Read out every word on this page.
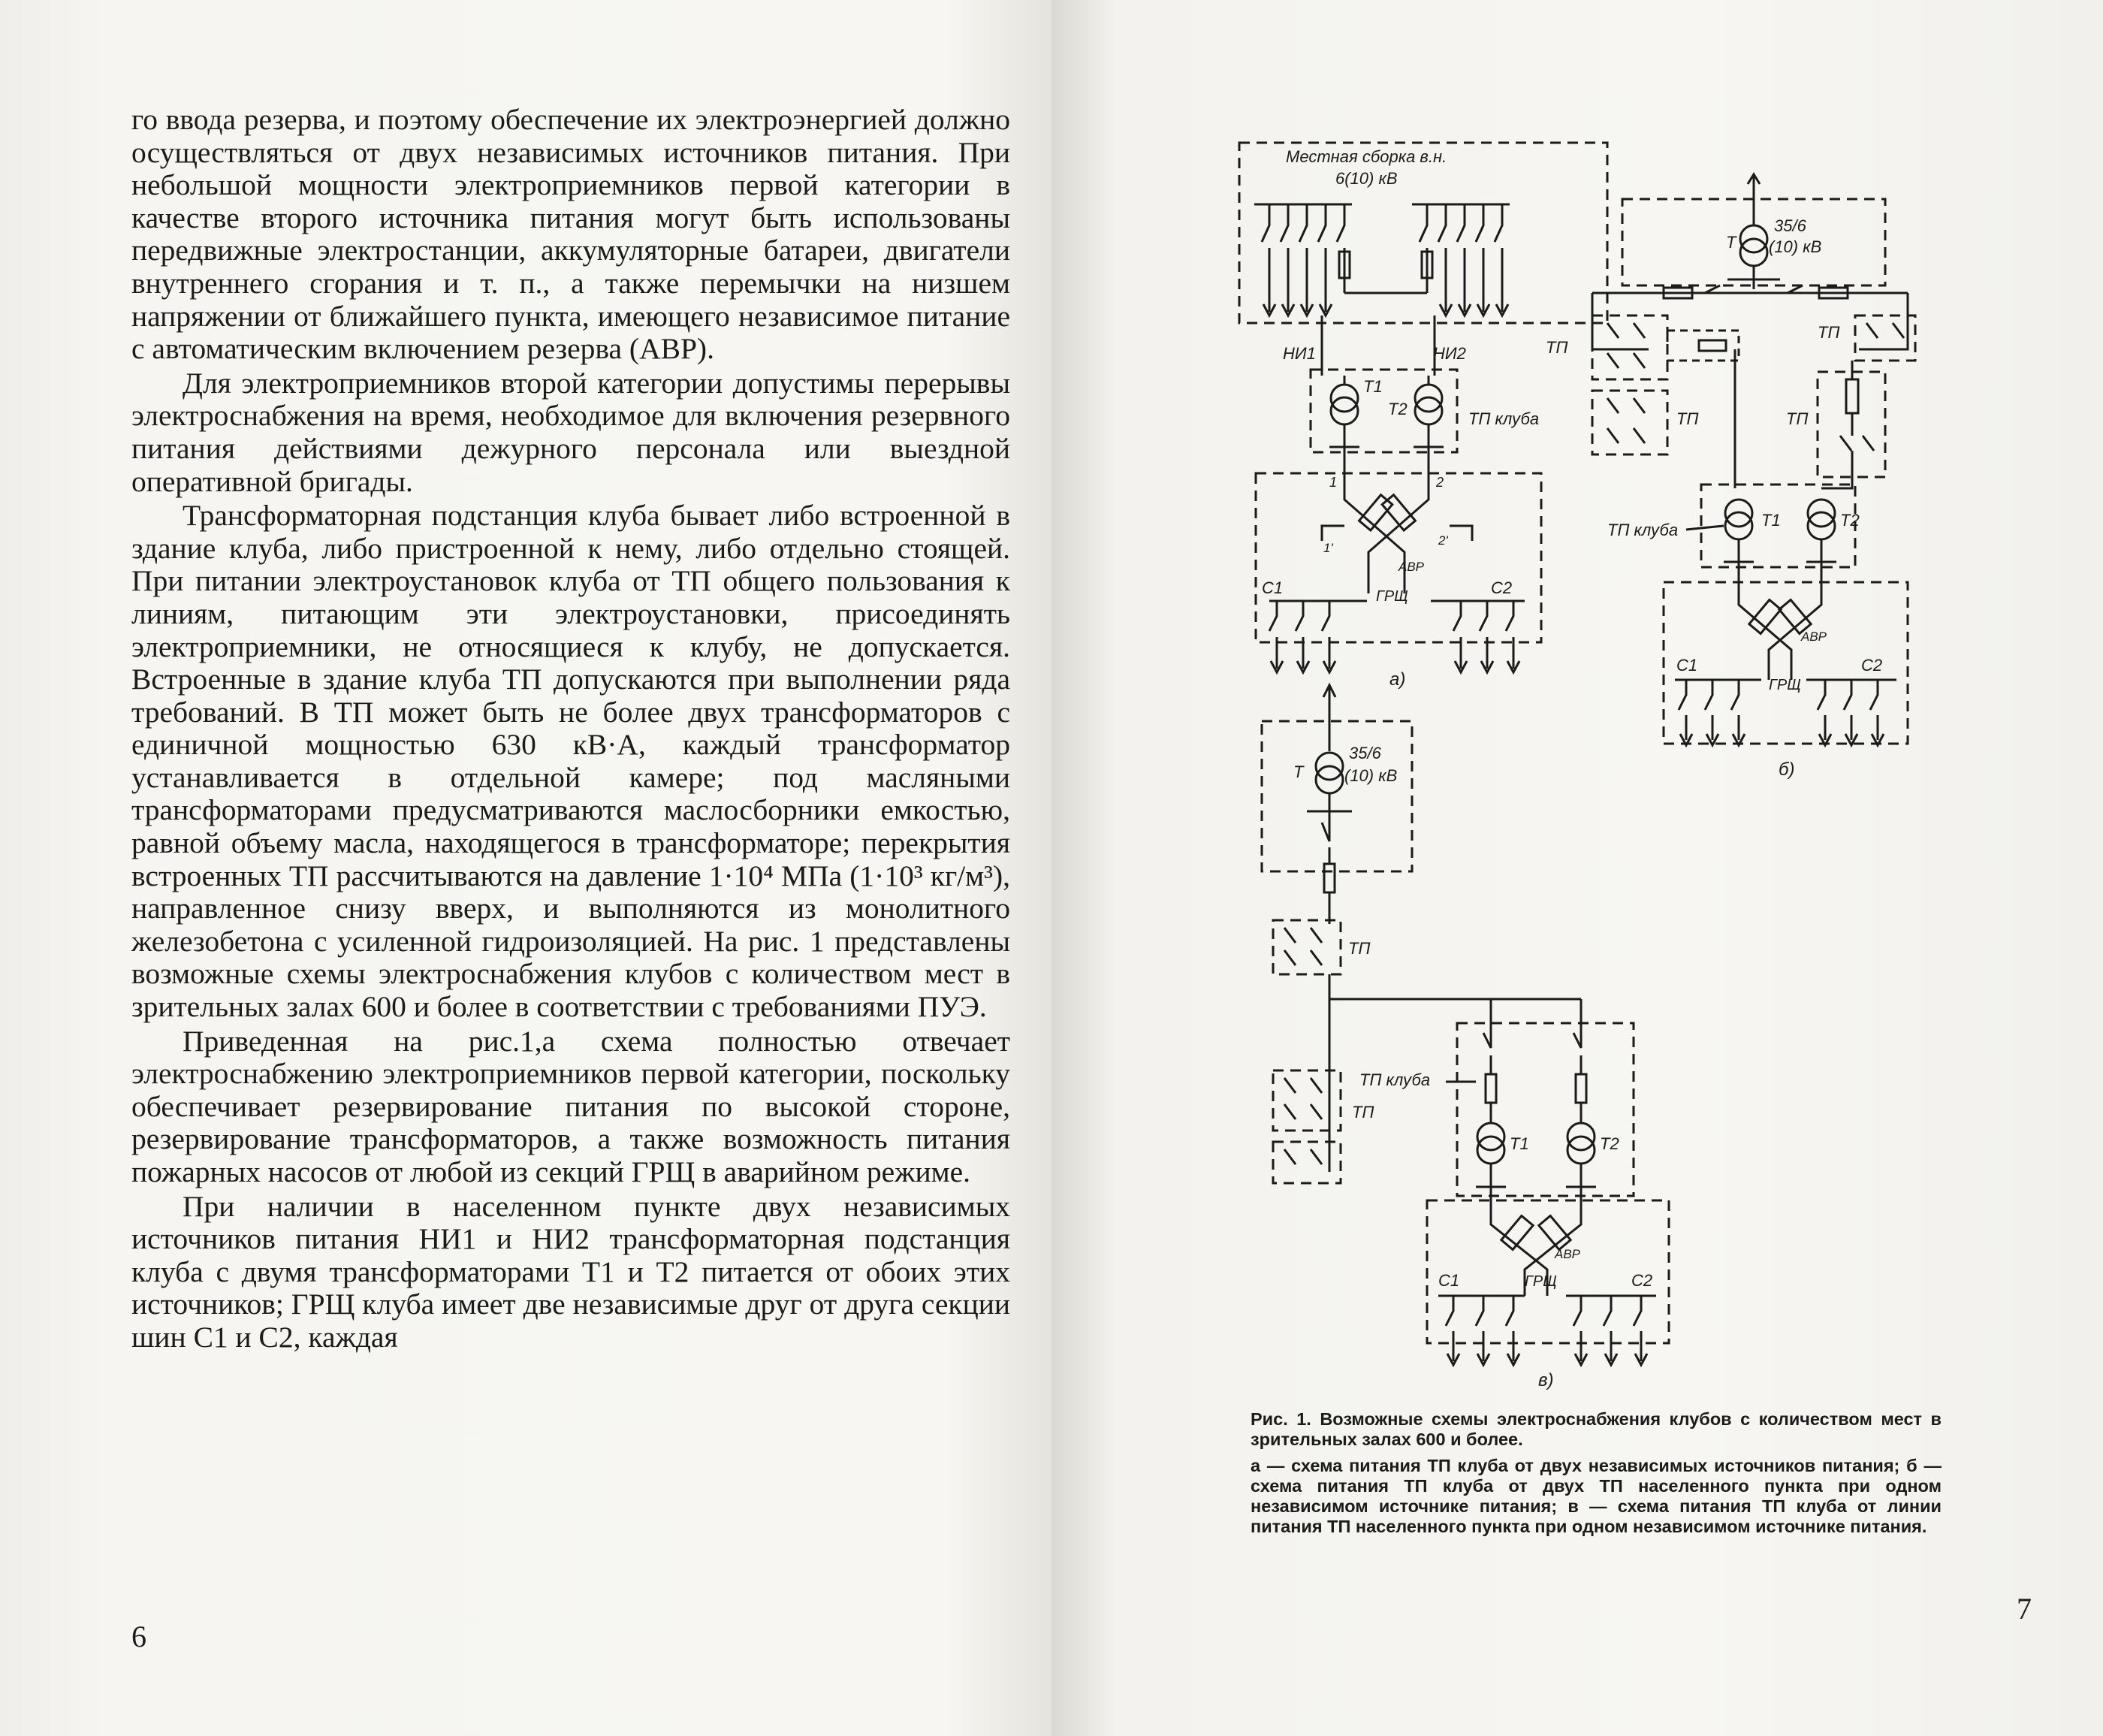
го ввода резерва, и поэтому обеспечение их электроэнергией должно осуществляться от двух независимых источников питания. При небольшой мощности электроприемников первой категории в качестве второго источника питания могут быть использованы передвижные электростанции, аккумуляторные батареи, двигатели внутреннего сгорания и т. п., а также перемычки на низшем напряжении от ближайшего пункта, имеющего независимое питание с автоматическим включением резерва (АВР).

Для электроприемников второй категории допустимы перерывы электроснабжения на время, необходимое для включения резервного питания действиями дежурного персонала или выездной оперативной бригады.

Трансформаторная подстанция клуба бывает либо встроенной в здание клуба, либо пристроенной к нему, либо отдельно стоящей. При питании электроустановок клуба от ТП общего пользования к линиям, питающим эти электроустановки, присоединять электроприемники, не относящиеся к клубу, не допускается. Встроенные в здание клуба ТП допускаются при выполнении ряда требований. В ТП может быть не более двух трансформаторов с единичной мощностью 630 кВ·А, каждый трансформатор устанавливается в отдельной камере; под масляными трансформаторами предусматриваются маслосборники емкостью, равной объему масла, находящегося в трансформаторе; перекрытия встроенных ТП рассчитываются на давление 1·10⁴ МПа (1·10³ кг/м³), направленное снизу вверх, и выполняются из монолитного железобетона с усиленной гидроизоляцией. На рис. 1 представлены возможные схемы электроснабжения клубов с количеством мест в зрительных залах 600 и более в соответствии с требованиями ПУЭ.

Приведенная на рис.1,а схема полностью отвечает электроснабжению электроприемников первой категории, поскольку обеспечивает резервирование питания по высокой стороне, резервирование трансформаторов, а также возможность питания пожарных насосов от любой из секций ГРЩ в аварийном режиме.

При наличии в населенном пункте двух независимых источников питания НИ1 и НИ2 трансформаторная подстанция клуба с двумя трансформаторами Т1 и Т2 питается от обоих этих источников; ГРЩ клуба имеет две независимые друг от друга секции шин С1 и С2, каждая

6
7
Местная сборка в.н.
6(10) кВ
НИ1	НИ2
Т1
Т2
ТП клуба
1	2
АВР
1'
2'
ГРЩ
С1	С2
а)
Т
35/6
(10) кВ
ТП
ТП
ТП
ТП
Т1	Т2
ТП клуба
АВР
ГРЩ
С1	С2
б)
Т
35/6
(10) кВ
ТП
ТП
ТП клуба
Т1	Т2
АВР
ГРЩ
С1	С2
в)
Рис. 1. Возможные схемы электроснабжения клубов с количеством мест в зрительных залах 600 и более.
а — схема питания ТП клуба от двух независимых источников питания; б — схема питания ТП клуба от двух ТП населенного пункта при одном независимом источнике питания; в — схема питания ТП клуба от линии питания ТП населенного пункта при одном независимом источнике питания.
